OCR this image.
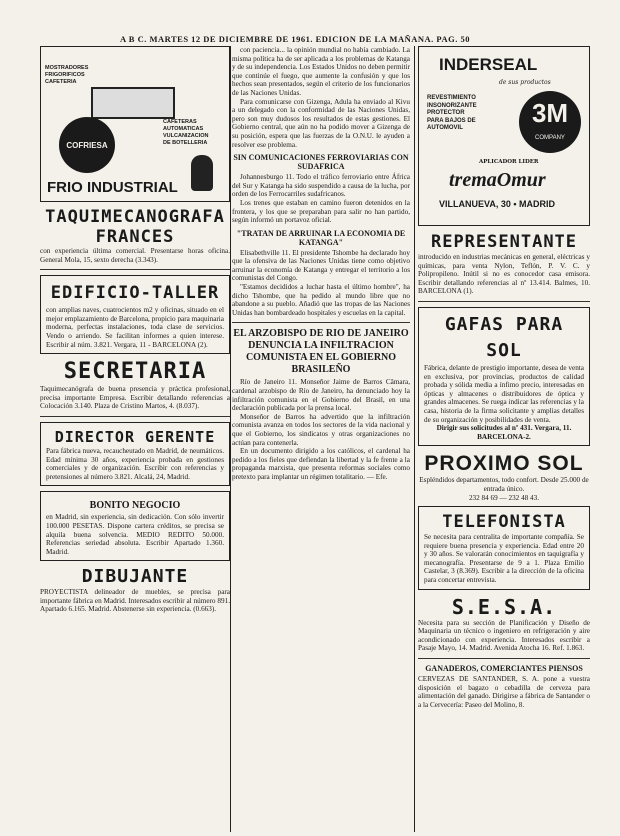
A B C. MARTES 12 DE DICIEMBRE DE 1961. EDICION DE LA MAÑANA. PAG. 50
MOSTRADORES
FRIGORIFICOS
CAFETERIA
CAFETERAS
AUTOMATICAS
VULCANIZACION
DE BOTELLERIA
COFRIESA
FRIO INDUSTRIAL
TAQUIMECANOGRAFA
FRANCES

con experiencia última comercial. Presentarse horas oficina. General Mola, 15, sexto derecha (3.343).

EDIFICIO-TALLER

con amplias naves, cuatrocientos m2 y oficinas, situado en el mejor emplazamiento de Barcelona, propicio para maquinaria moderna, perfectas instalaciones, toda clase de servicios. Vendo o arriendo. Se facilitan informes a quien interese. Escribir al núm. 3.821. Vergara, 11 - BARCELONA (2).

SECRETARIA

Taquimecanógrafa de buena presencia y práctica profesional, precisa importante Empresa. Escribir detallando referencias a Colocación 3.140. Plaza de Cristino Martos, 4. (8.037).

DIRECTOR GERENTE

Para fábrica nueva, recaucheutado en Madrid, de neumáticos. Edad mínima 30 años, experiencia probada en gestiones comerciales y de organización. Escribir con referencias y pretensiones al número 3.821. Alcalá, 24, Madrid.

BONITO NEGOCIO

en Madrid, sin experiencia, sin dedicación. Con sólo invertir 100.000 PESETAS. Dispone cartera créditos, se precisa se alquila buena solvencia. MEDIO REDITO 50.000. Referencias seriedad absoluta. Escribir Apartado 1.360. Madrid.

DIBUJANTE

PROYECTISTA delineador de muebles, se precisa para importante fábrica en Madrid. Interesados escribir al número 891. Apartado 6.165. Madrid. Abstenerse sin experiencia. (0.663).

con paciencia... la opinión mundial no había cambiado. La misma política ha de ser aplicada a los problemas de Katanga y de su independencia. Los Estados Unidos no deben permitir que continúe el fuego, que aumente la confusión y que los hechos sean presentados, según el criterio de los funcionarios de las Naciones Unidas.

Para comunicarse con Gizenga, Adula ha enviado al Kivu a un delegado con la conformidad de las Naciones Unidas, pero son muy dudosos los resultados de estas gestiones. El Gobierno central, que aún no ha podido mover a Gizenga de su posición, espera que las fuerzas de la O.N.U. le ayuden a resolver ese problema.

SIN COMUNICACIONES FERROVIARIAS CON SUDAFRICA

Johannesburgo 11. Todo el tráfico ferroviario entre África del Sur y Katanga ha sido suspendido a causa de la lucha, por orden de los Ferrocarriles sudafricanos.

Los trenes que estaban en camino fueron detenidos en la frontera, y los que se preparaban para salir no han partido, según informó un portavoz oficial.

"TRATAN DE ARRUINAR LA ECONOMIA DE KATANGA"

Elisabethville 11. El presidente Tshombe ha declarado hoy que la ofensiva de las Naciones Unidas tiene como objetivo arruinar la economía de Katanga y entregar el territorio a los comunistas del Congo.

"Estamos decididos a luchar hasta el último hombre", ha dicho Tshombe, que ha pedido al mundo libre que no abandone a su pueblo. Añadió que las tropas de las Naciones Unidas han bombardeado hospitales y escuelas en la capital.

EL ARZOBISPO DE RIO DE JANEIRO DENUNCIA LA INFILTRACION COMUNISTA EN EL GOBIERNO BRASILEÑO

Río de Janeiro 11. Monseñor Jaime de Barros Câmara, cardenal arzobispo de Río de Janeiro, ha denunciado hoy la infiltración comunista en el Gobierno del Brasil, en una declaración publicada por la prensa local.

Monseñor de Barros ha advertido que la infiltración comunista avanza en todos los sectores de la vida nacional y que el Gobierno, los sindicatos y otras organizaciones no actúan para contenerla.

En un documento dirigido a los católicos, el cardenal ha pedido a los fieles que defiendan la libertad y la fe frente a la propaganda marxista, que presenta reformas sociales como pretexto para implantar un régimen totalitario. — Efe.

INDERSEAL
de sus productos
REVESTIMIENTO
INSONORIZANTE
PROTECTOR
PARA BAJOS DE
AUTOMOVIL	3M
COMPANY
APLICADOR LIDER
tremaOmur
VILLANUEVA, 30 • MADRID
REPRESENTANTE

introducido en industrias mecánicas en general, eléctricas y químicas, para venta Nylon, Teflón, P. V. C. y Polipropileno. Inútil si no es conocedor casa emisora. Escribir detallando referencias al nº 13.414. Balmes, 10. BARCELONA (1).

GAFAS PARA SOL

Fábrica, delante de prestigio importante, desea de venta en exclusiva, por provincias, productos de calidad probada y sólida media a ínfimo precio, interesadas en ópticas y almacenes o distribuidores de óptica y grandes almacenes. Se ruega indicar las referencias y la casa, historia de la firma solicitante y amplias detalles de su organización y posibilidades de venta.

Dirigir sus solicitudes al nº 431. Vergara, 11. BARCELONA-2.

PROXIMO SOL

Espléndidos departamentos, todo confort. Desde 25.000 de entrada único.

232 84 69 — 232 48 43.

TELEFONISTA

Se necesita para centralita de importante compañía. Se requiere buena presencia y experiencia. Edad entre 20 y 30 años. Se valorarán conocimientos en taquigrafía y mecanografía. Presentarse de 9 a 1. Plaza Emilio Castelar, 3 (8.369). Escribir a la dirección de la oficina para concertar entrevista.

S.E.S.A.

Necesita para su sección de Planificación y Diseño de Maquinaria un técnico o ingeniero en refrigeración y aire acondicionado con experiencia. Interesados escribir a Pasaje Mayo, 14. Madrid. Avenida Atocha 16. Ref. 1.863.

GANADEROS, COMERCIANTES PIENSOS

CERVEZAS DE SANTANDER, S. A. pone a vuestra disposición el bagazo o cebadilla de cerveza para alimentación del ganado. Dirigirse a fábrica de Santander o a la Cervecería: Paseo del Molino, 8.
